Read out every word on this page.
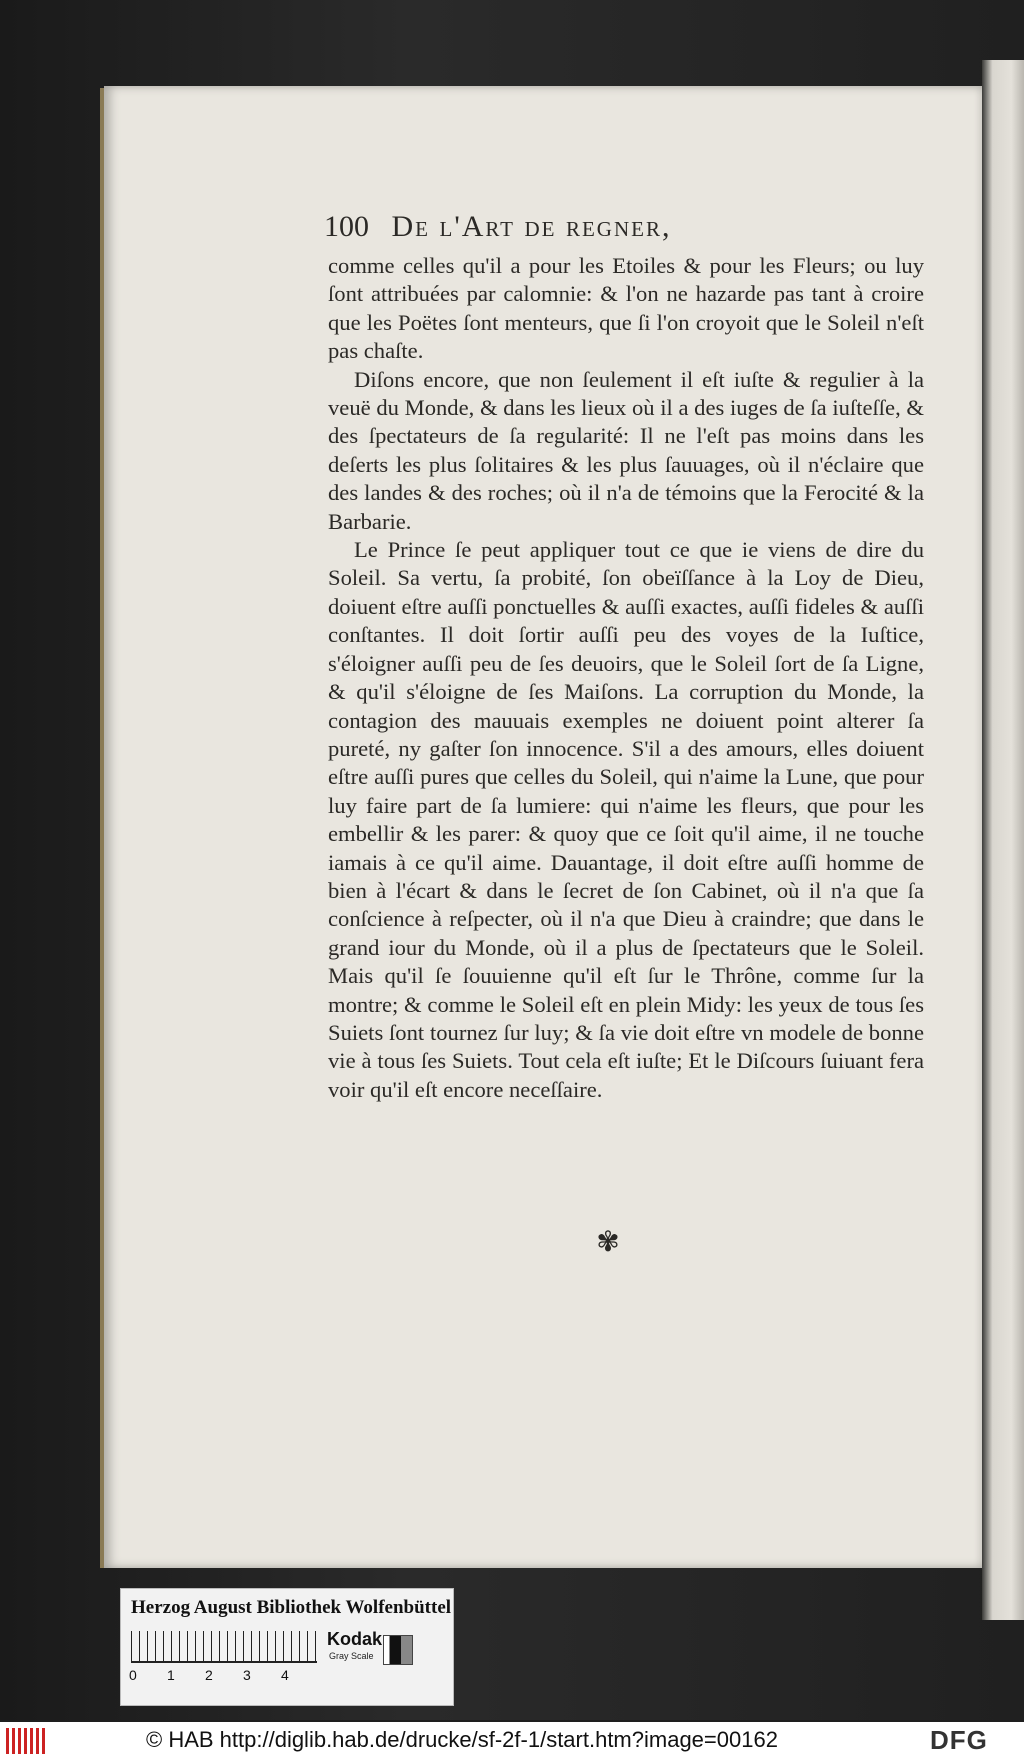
100 De l'Art de regner,

comme celles qu'il a pour les Etoiles & pour les Fleurs; ou luy ſont attribuées par calomnie: & l'on ne hazarde pas tant à croire que les Poëtes ſont menteurs, que ſi l'on croyoit que le Soleil n'eſt pas chaſte.

Diſons encore, que non ſeulement il eſt iuſte & regulier à la veuë du Monde, & dans les lieux où il a des iuges de ſa iuſteſſe, & des ſpectateurs de ſa regularité: Il ne l'eſt pas moins dans les deſerts les plus ſolitaires & les plus ſauuages, où il n'éclaire que des landes & des roches; où il n'a de témoins que la Ferocité & la Barbarie.

Le Prince ſe peut appliquer tout ce que ie viens de dire du Soleil. Sa vertu, ſa probité, ſon obeïſſance à la Loy de Dieu, doiuent eſtre auſſi ponctuelles & auſſi exactes, auſſi fideles & auſſi conſtantes. Il doit ſortir auſſi peu des voyes de la Iuſtice, s'éloigner auſſi peu de ſes deuoirs, que le Soleil ſort de ſa Ligne, & qu'il s'éloigne de ſes Maiſons. La corruption du Monde, la contagion des mauuais exemples ne doiuent point alterer ſa pureté, ny gaſter ſon innocence. S'il a des amours, elles doiuent eſtre auſſi pures que celles du Soleil, qui n'aime la Lune, que pour luy faire part de ſa lumiere: qui n'aime les fleurs, que pour les embellir & les parer: & quoy que ce ſoit qu'il aime, il ne touche iamais à ce qu'il aime. Dauantage, il doit eſtre auſſi homme de bien à l'écart & dans le ſecret de ſon Cabinet, où il n'a que ſa conſcience à reſpecter, où il n'a que Dieu à craindre; que dans le grand iour du Monde, où il a plus de ſpectateurs que le Soleil. Mais qu'il ſe ſouuienne qu'il eſt ſur le Thrône, comme ſur la montre; & comme le Soleil eſt en plein Midy: les yeux de tous ſes Suiets ſont tournez ſur luy; & ſa vie doit eſtre vn modele de bonne vie à tous ſes Suiets. Tout cela eſt iuſte; Et le Diſcours ſuiuant fera voir qu'il eſt encore neceſſaire.

✾
Herzog August Bibliothek Wolfenbüttel
0 1 2 3 4
Kodak
Gray Scale
© HAB http://diglib.hab.de/drucke/sf-2f-1/start.htm?image=00162	DFG
